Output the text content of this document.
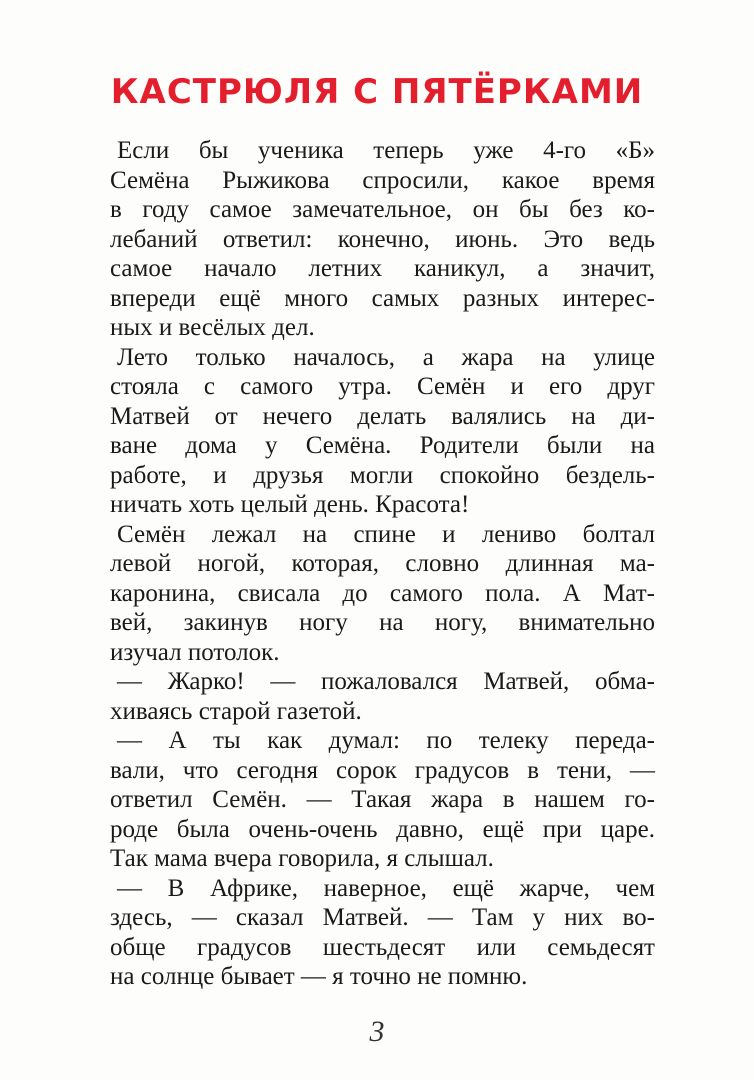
КАСТРЮЛЯ С ПЯТЁРКАМИ
Если бы ученика теперь уже 4-го «Б»
Семёна Рыжикова спросили, какое время
в году самое замечательное, он бы без ко-
лебаний ответил: конечно, июнь. Это ведь
самое начало летних каникул, а значит,
впереди ещё много самых разных интерес-
ных и весёлых дел.
Лето только началось, а жара на улице
стояла с самого утра. Семён и его друг
Матвей от нечего делать валялись на ди-
ване дома у Семёна. Родители были на
работе, и друзья могли спокойно бездель-
ничать хоть целый день. Красота!
Семён лежал на спине и лениво болтал
левой ногой, которая, словно длинная ма-
каронина, свисала до самого пола. А Мат-
вей, закинув ногу на ногу, внимательно
изучал потолок.
— Жарко! — пожаловался Матвей, обма-
хиваясь старой газетой.
— А ты как думал: по телеку переда-
вали, что сегодня сорок градусов в тени, —
ответил Семён. — Такая жара в нашем го-
роде была очень-очень давно, ещё при царе.
Так мама вчера говорила, я слышал.
— В Африке, наверное, ещё жарче, чем
здесь, — сказал Матвей. — Там у них во-
обще градусов шестьдесят или семьдесят
на солнце бывает — я точно не помню.
3
